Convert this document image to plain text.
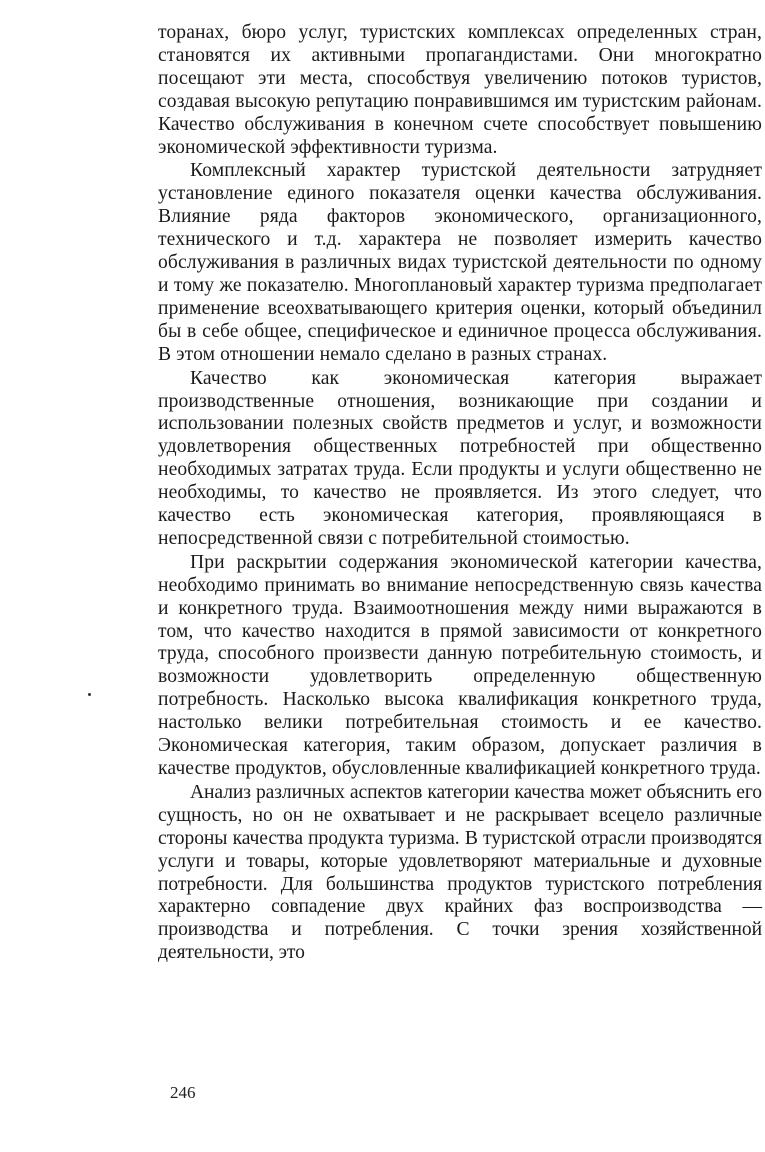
торанах, бюро услуг, туристских комплексах определенных стран, становятся их активными пропагандистами. Они многократно посещают эти места, способствуя увеличению потоков туристов, создавая высокую репутацию понравившимся им туристским районам. Качество обслуживания в конечном счете способствует повышению экономической эффективности туризма.

Комплексный характер туристской деятельности затрудняет установление единого показателя оценки качества обслуживания. Влияние ряда факторов экономического, организационного, технического и т.д. характера не позволяет измерить качество обслуживания в различных видах туристской деятельности по одному и тому же показателю. Многоплановый характер туризма предполагает применение всеохватывающего критерия оценки, который объединил бы в себе общее, специфическое и единичное процесса обслуживания. В этом отношении немало сделано в разных странах.

Качество как экономическая категория выражает производственные отношения, возникающие при создании и использовании полезных свойств предметов и услуг, и возможности удовлетворения общественных потребностей при общественно необходимых затратах труда. Если продукты и услуги общественно не необходимы, то качество не проявляется. Из этого следует, что качество есть экономическая категория, проявляющаяся в непосредственной связи с потребительной стоимостью.

При раскрытии содержания экономической категории качества, необходимо принимать во внимание непосредственную связь качества и конкретного труда. Взаимоотношения между ними выражаются в том, что качество находится в прямой зависимости от конкретного труда, способного произвести данную потребительную стоимость, и возможности удовлетворить определенную общественную потребность. Насколько высока квалификация конкретного труда, настолько велики потребительная стоимость и ее качество. Экономическая категория, таким образом, допускает различия в качестве продуктов, обусловленные квалификацией конкретного труда.

Анализ различных аспектов категории качества может объяснить его сущность, но он не охватывает и не раскрывает всецело различные стороны качества продукта туризма. В туристской отрасли производятся услуги и товары, которые удовлетворяют материальные и духовные потребности. Для большинства продуктов туристского потребления характерно совпадение двух крайних фаз воспроизводства — производства и потребления. С точки зрения хозяйственной деятельности, это

246
